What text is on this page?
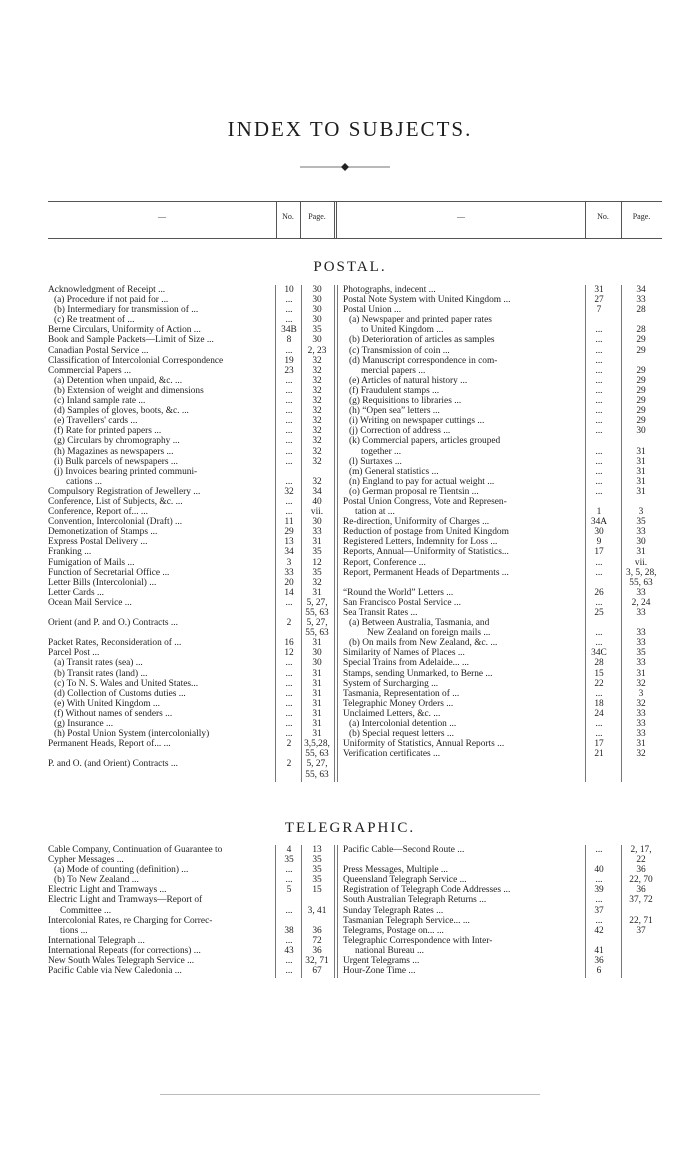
INDEX TO SUBJECTS.
—	No.	Page.	—	No.	Page.
POSTAL.
Acknowledgment of Receipt ...	10	30
(a) Procedure if not paid for ...	...	30
(b) Intermediary for transmission of ...	...	30
(c) Re treatment of ...	...	30
Berne Circulars, Uniformity of Action ...	34B	35
Book and Sample Packets—Limit of Size ...	8	30
Canadian Postal Service ...	...	2, 23
Classification of Intercolonial Correspondence	19	32
Commercial Papers ...	23	32
(a) Detention when unpaid, &c. ...	...	32
(b) Extension of weight and dimensions	...	32
(c) Inland sample rate ...	...	32
(d) Samples of gloves, boots, &c. ...	...	32
(e) Travellers' cards ...	...	32
(f) Rate for printed papers ...	...	32
(g) Circulars by chromography ...	...	32
(h) Magazines as newspapers ...	...	32
(i) Bulk parcels of newspapers ...	...	32
(j) Invoices bearing printed communi-
cations ...	...	32
Compulsory Registration of Jewellery ...	32	34
Conference, List of Subjects, &c. ...	...	40
Conference, Report of... ...	...	vii.
Convention, Intercolonial (Draft) ...	11	30
Demonetization of Stamps ...	29	33
Express Postal Delivery ...	13	31
Franking ...	34	35
Fumigation of Mails ...	3	12
Function of Secretarial Office ...	33	35
Letter Bills (Intercolonial) ...	20	32
Letter Cards ...	14	31
Ocean Mail Service ...	...	5, 27,
55, 63
Orient (and P. and O.) Contracts ...	2	5, 27,
55, 63
Packet Rates, Reconsideration of ...	16	31
Parcel Post ...	12	30
(a) Transit rates (sea) ...	...	30
(b) Transit rates (land) ...	...	31
(c) To N. S. Wales and United States...	...	31
(d) Collection of Customs duties ...	...	31
(e) With United Kingdom ...	...	31
(f) Without names of senders ...	...	31
(g) Insurance ...	...	31
(h) Postal Union System (intercolonially)	...	31
Permanent Heads, Report of... ...	2	3,5,28,
55, 63
P. and O. (and Orient) Contracts ...	2	5, 27,
55, 63
Photographs, indecent ...	31	34
Postal Note System with United Kingdom ...	27	33
Postal Union ...	7	28
(a) Newspaper and printed paper rates
to United Kingdom ...	...	28
(b) Deterioration of articles as samples	...	29
(c) Transmission of coin ...	...	29
(d) Manuscript correspondence in com-	...
mercial papers ...	...	29
(e) Articles of natural history ...	...	29
(f) Fraudulent stamps ...	...	29
(g) Requisitions to libraries ...	...	29
(h) “Open sea” letters ...	...	29
(i) Writing on newspaper cuttings ...	...	29
(j) Correction of address ...	...	30
(k) Commercial papers, articles grouped
together ...	...	31
(l) Surtaxes ...	...	31
(m) General statistics ...	...	31
(n) England to pay for actual weight ...	...	31
(o) German proposal re Tientsin ...	...	31
Postal Union Congress, Vote and Represen-
tation at ...	1	3
Re-direction, Uniformity of Charges ...	34A	35
Reduction of postage from United Kingdom	30	33
Registered Letters, Indemnity for Loss ...	9	30
Reports, Annual—Uniformity of Statistics...	17	31
Report, Conference ...	...	vii.
Report, Permanent Heads of Departments ...	...	3, 5, 28,
55, 63
“Round the World” Letters ...	26	33
San Francisco Postal Service ...	...	2, 24
Sea Transit Rates ...	25	33
(a) Between Australia, Tasmania, and
New Zealand on foreign mails ...	...	33
(b) On mails from New Zealand, &c. ...	...	33
Similarity of Names of Places ...	34C	35
Special Trains from Adelaide... ...	28	33
Stamps, sending Unmarked, to Berne ...	15	31
System of Surcharging ...	22	32
Tasmania, Representation of ...	...	3
Telegraphic Money Orders ...	18	32
Unclaimed Letters, &c. ...	24	33
(a) Intercolonial detention ...	...	33
(b) Special request letters ...	...	33
Uniformity of Statistics, Annual Reports ...	17	31
Verification certificates ...	21	32
TELEGRAPHIC.
Cable Company, Continuation of Guarantee to	4	13
Cypher Messages ...	35	35
(a) Mode of counting (definition) ...	...	35
(b) To New Zealand ...	...	35
Electric Light and Tramways ...	5	15
Electric Light and Tramways—Report of
Committee ...	...	3, 41
Intercolonial Rates, re Charging for Correc-
tions ...	38	36
International Telegraph ...	...	72
International Repeats (for corrections) ...	43	36
New South Wales Telegraph Service ...	...	32, 71
Pacific Cable via New Caledonia ...	...	67
Pacific Cable—Second Route ...	...	2, 17,
22
Press Messages, Multiple ...	40	36
Queensland Telegraph Service ...	...	22, 70
Registration of Telegraph Code Addresses ...	39	36
South Australian Telegraph Returns ...	...	37, 72
Sunday Telegraph Rates ...	37
Tasmanian Telegraph Service... ...	...	22, 71
Telegrams, Postage on... ...	42	37
Telegraphic Correspondence with Inter-
national Bureau ...	41
Urgent Telegrams ...	36
Hour-Zone Time ...	6
